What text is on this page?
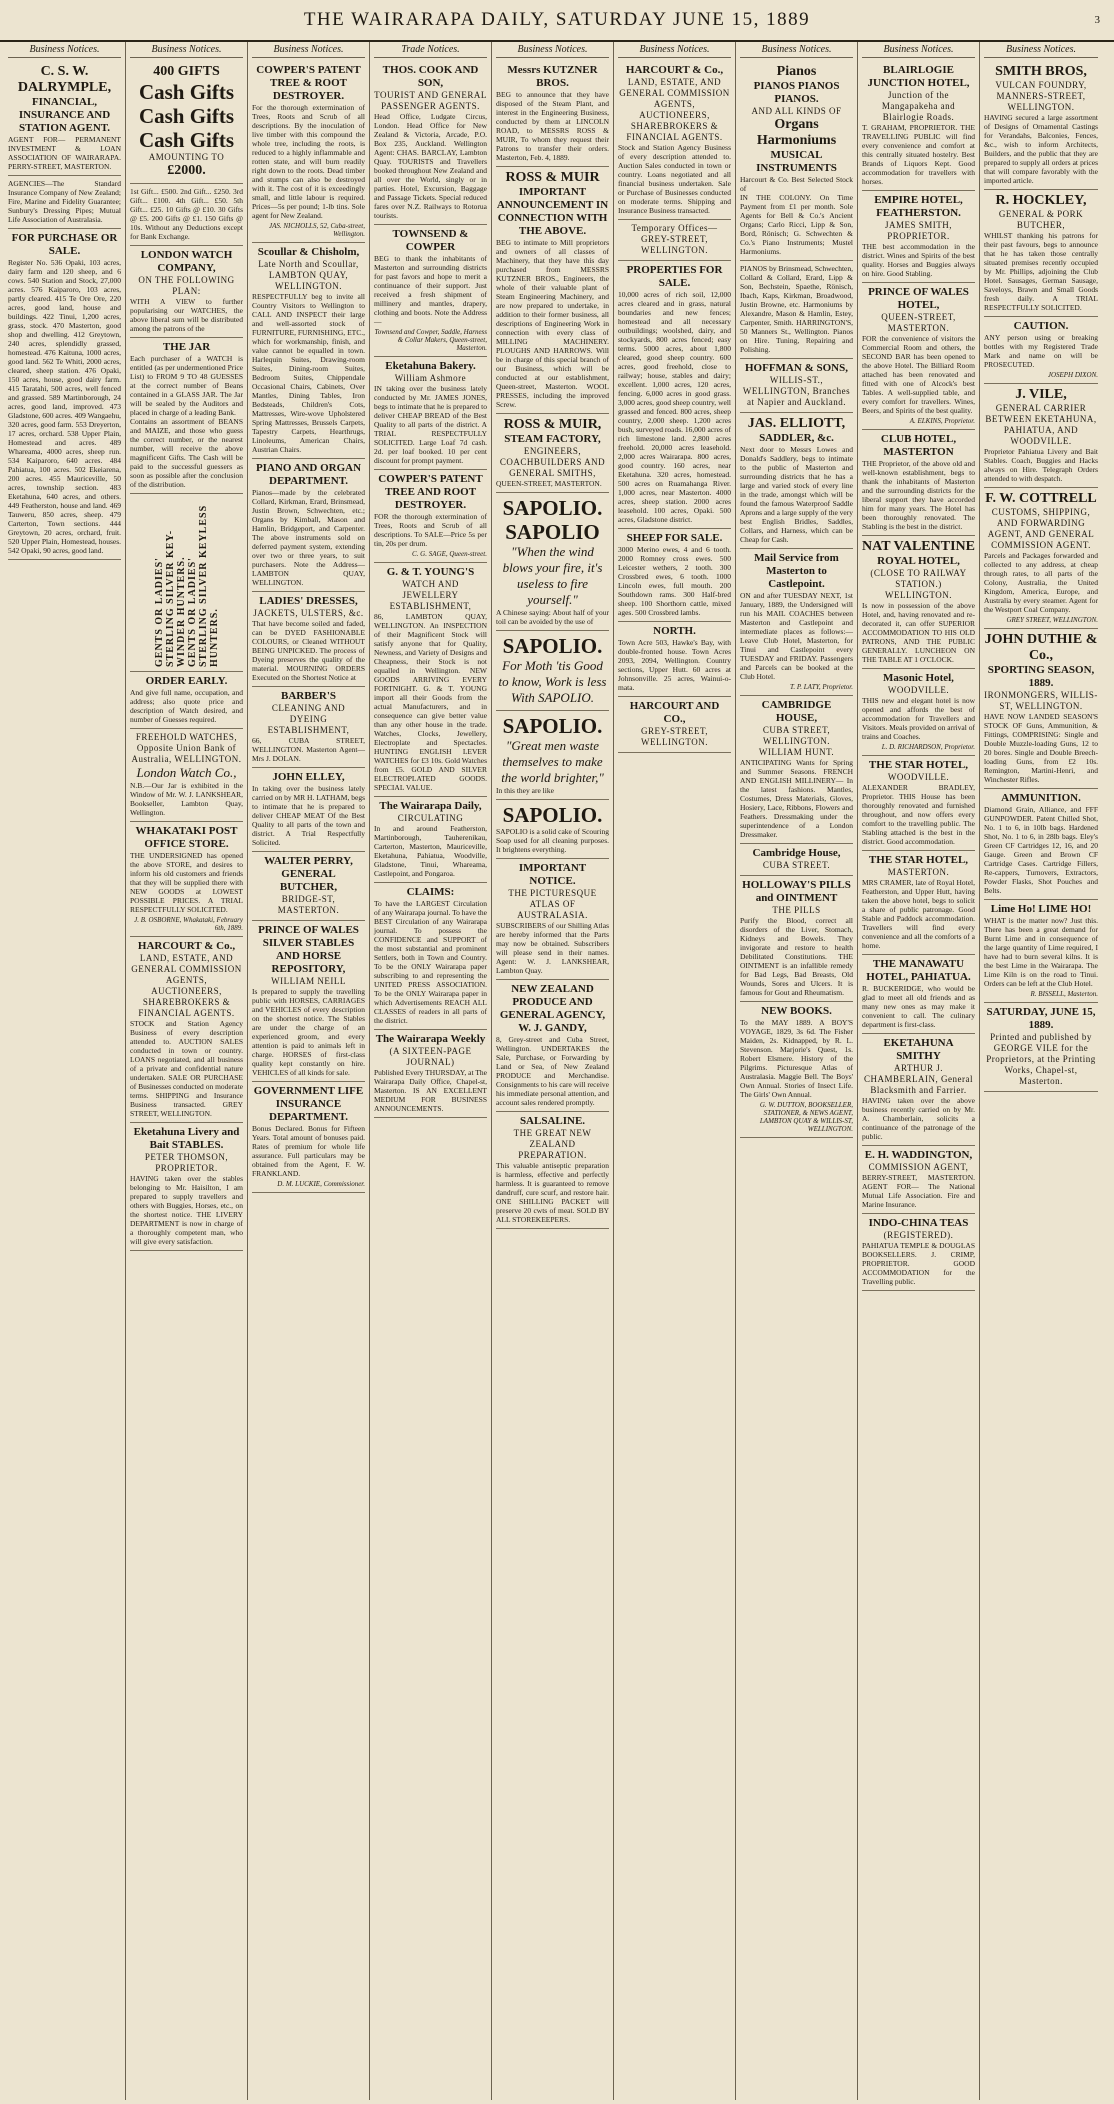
THE WAIRARAPA DAILY, SATURDAY JUNE 15, 1889	3
Business Notices.
C. S. W. DALRYMPLE,
FINANCIAL, INSURANCE AND STATION AGENT.
AGENT FOR— PERMANENT INVESTMENT & LOAN ASSOCIATION OF WAIRARAPA. PERRY-STREET, MASTERTON.
AGENCIES—The Standard Insurance Company of New Zealand; Fire, Marine and Fidelity Guarantee; Sunbury's Dressing Pipes; Mutual Life Association of Australasia.
FOR PURCHASE OR SALE.
Register No. 536 Opaki, 103 acres, dairy farm and 120 sheep, and 6 cows. 540 Station and Stock, 27,000 acres. 576 Kaiparoro, 103 acres, partly cleared. 415 Te Ore Ore, 220 acres, good land, house and buildings. 422 Tinui, 1,200 acres, grass, stock. 470 Masterton, good shop and dwelling. 412 Greytown, 240 acres, splendidly grassed, homestead. 476 Kaituna, 1000 acres, good land. 562 Te Whiti, 2000 acres, cleared, sheep station. 476 Opaki, 150 acres, house, good dairy farm. 415 Taratahi, 500 acres, well fenced and grassed. 589 Martinborough, 24 acres, good land, improved. 473 Gladstone, 600 acres. 409 Wangaehu, 320 acres, good farm. 553 Dreyerton, 17 acres, orchard. 538 Upper Plain, Homestead and acres. 489 Whareama, 4000 acres, sheep run. 534 Kaiparoro, 640 acres. 484 Pahiatua, 100 acres. 502 Ekeiarena, 200 acres. 455 Mauriceville, 50 acres, township section. 483 Eketahuna, 640 acres, and others. 449 Featherston, house and land. 469 Tauweru, 850 acres, sheep. 479 Carterton, Town sections. 444 Greytown, 20 acres, orchard, fruit. 520 Upper Plain, Homestead, houses. 542 Opaki, 90 acres, good land.
Business Notices.
400 GIFTS
Cash Gifts
Cash Gifts
Cash Gifts
AMOUNTING TO
£2000.
1st Gift... £500. 2nd Gift... £250. 3rd Gift... £100. 4th Gift... £50. 5th Gift... £25. 10 Gifts @ £10. 30 Gifts @ £5. 200 Gifts @ £1. 150 Gifts @ 10s. Without any Deductions except for Bank Exchange.
LONDON WATCH COMPANY,
ON THE FOLLOWING PLAN:
WITH A VIEW to further popularising our WATCHES, the above liberal sum will be distributed among the patrons of the
THE JAR
Each purchaser of a WATCH is entitled (as per undermentioned Price List) to FROM 9 TO 48 GUESSES at the correct number of Beans contained in a GLASS JAR. The Jar will be sealed by the Auditors and placed in charge of a leading Bank.
Contains an assortment of BEANS and MAIZE, and those who guess the correct number, or the nearest number, will receive the above magnificent Gifts. The Cash will be paid to the successful guessers as soon as possible after the conclusion of the distribution.
GENTS OR LADIES' STERLING SILVER KEY-WINDER HUNTERS. GENTS OR LADIES' STERLING SILVER KEYLESS HUNTERS.
ORDER EARLY.
And give full name, occupation, and address; also quote price and description of Watch desired, and number of Guesses required.
FREEHOLD WATCHES, Opposite Union Bank of Australia, WELLINGTON.
London Watch Co.,
N.B.—Our Jar is exhibited in the Window of Mr. W. J. LANKSHEAR, Bookseller, Lambton Quay, Wellington.
WHAKATAKI POST OFFICE STORE.
THE UNDERSIGNED has opened the above STORE, and desires to inform his old customers and friends that they will be supplied there with NEW GOODS at LOWEST POSSIBLE PRICES. A TRIAL RESPECTFULLY SOLICITED.
J. B. OSBORNE, Whakataki, February 6th, 1889.
HARCOURT & Co.,
LAND, ESTATE, AND GENERAL COMMISSION AGENTS, AUCTIONEERS, SHAREBROKERS & FINANCIAL AGENTS.
STOCK and Station Agency Business of every description attended to. AUCTION SALES conducted in town or country. LOANS negotiated, and all business of a private and confidential nature undertaken. SALE OR PURCHASE of Businesses conducted on moderate terms. SHIPPING and Insurance Business transacted. GREY STREET, WELLINGTON.
Eketahuna Livery and Bait STABLES.
PETER THOMSON, PROPRIETOR.
HAVING taken over the stables belonging to Mr. Haisilton, I am prepared to supply travellers and others with Buggies, Horses, etc., on the shortest notice. THE LIVERY DEPARTMENT is now in charge of a thoroughly competent man, who will give every satisfaction.
Business Notices.
COWPER'S PATENT TREE & ROOT DESTROYER.
For the thorough extermination of Trees, Roots and Scrub of all descriptions. By the inoculation of live timber with this compound the whole tree, including the roots, is reduced to a highly inflammable and rotten state, and will burn readily right down to the roots. Dead timber and stumps can also be destroyed with it. The cost of it is exceedingly small, and little labour is required. Prices—5s per pound; 1-lb tins. Sole agent for New Zealand.
JAS. NICHOLLS, 52, Cuba-street, Wellington.
Scoullar & Chisholm,
Late North and Scoullar, LAMBTON QUAY, WELLINGTON.
RESPECTFULLY beg to invite all Country Visitors to Wellington to CALL AND INSPECT their large and well-assorted stock of FURNITURE, FURNISHING, ETC., which for workmanship, finish, and value cannot be equalled in town. Harlequin Suites, Drawing-room Suites, Dining-room Suites, Bedroom Suites, Chippendale Occasional Chairs, Cabinets, Over Mantles, Dining Tables, Iron Bedsteads, Children's Cots, Mattresses, Wire-wove Upholstered Spring Mattresses, Brussels Carpets, Tapestry Carpets, Hearthrugs, Linoleums, American Chairs, Austrian Chairs.
PIANO AND ORGAN DEPARTMENT.
Pianos—made by the celebrated Collard, Kirkman, Erard, Brinsmead, Justin Brown, Schwechten, etc.; Organs by Kimball, Mason and Hamlin, Bridgeport, and Carpenter. The above instruments sold on deferred payment system, extending over two or three years, to suit purchasers. Note the Address— LAMBTON QUAY, WELLINGTON.
LADIES' DRESSES,
JACKETS, ULSTERS, &c.
That have become soiled and faded, can be DYED FASHIONABLE COLOURS, or Cleaned WITHOUT BEING UNPICKED. The process of Dyeing preserves the quality of the material. MOURNING ORDERS Executed on the Shortest Notice at
BARBER'S
CLEANING AND DYEING ESTABLISHMENT,
66, CUBA STREET, WELLINGTON. Masterton Agent—Mrs J. DOLAN.
JOHN ELLEY,
In taking over the business lately carried on by MR H. LATHAM, begs to intimate that he is prepared to deliver CHEAP MEAT Of the Best Quality to all parts of the town and district. A Trial Respectfully Solicited.
WALTER PERRY, GENERAL BUTCHER,
BRIDGE-ST, MASTERTON.
PRINCE OF WALES SILVER STABLES AND HORSE REPOSITORY,
WILLIAM NEILL
Is prepared to supply the travelling public with HORSES, CARRIAGES and VEHICLES of every description on the shortest notice. The Stables are under the charge of an experienced groom, and every attention is paid to animals left in charge. HORSES of first-class quality kept constantly on hire. VEHICLES of all kinds for sale.
GOVERNMENT LIFE INSURANCE DEPARTMENT.
Bonus Declared. Bonus for Fifteen Years. Total amount of bonuses paid. Rates of premium for whole life assurance. Full particulars may be obtained from the Agent, F. W. FRANKLAND.
D. M. LUCKIE, Commissioner.
Trade Notices.
THOS. COOK AND SON,
TOURIST AND GENERAL PASSENGER AGENTS.
Head Office, Ludgate Circus, London. Head Office for New Zealand & Victoria, Arcade, P.O. Box 235, Auckland. Wellington Agent: CHAS. BARCLAY, Lambton Quay. TOURISTS and Travellers booked throughout New Zealand and all over the World, singly or in parties. Hotel, Excursion, Baggage and Passage Tickets. Special reduced fares over N.Z. Railways to Rotorua tourists.
TOWNSEND & COWPER
BEG to thank the inhabitants of Masterton and surrounding districts for past favors and hope to merit a continuance of their support. Just received a fresh shipment of millinery and mantles, drapery, clothing and boots. Note the Address—
Townsend and Cowper, Saddle, Harness & Collar Makers, Queen-street, Masterton.
Eketahuna Bakery.
William Ashmore
IN taking over the business lately conducted by Mr. JAMES JONES, begs to intimate that he is prepared to deliver CHEAP BREAD of the Best Quality to all parts of the district. A TRIAL RESPECTFULLY SOLICITED. Large Loaf 7d cash. 2d. per loaf booked. 10 per cent discount for prompt payment.
COWPER'S PATENT TREE AND ROOT DESTROYER.
FOR the thorough extermination of Trees, Roots and Scrub of all descriptions. To SALE—Price 5s per tin, 20s per drum.
C. G. SAGE, Queen-street.
G. & T. YOUNG'S
WATCH AND JEWELLERY ESTABLISHMENT,
86, LAMBTON QUAY, WELLINGTON. An INSPECTION of their Magnificent Stock will satisfy anyone that for Quality, Newness, and Variety of Designs and Cheapness, their Stock is not equalled in Wellington. NEW GOODS ARRIVING EVERY FORTNIGHT. G. & T. YOUNG import all their Goods from the actual Manufacturers, and in consequence can give better value than any other house in the trade. Watches, Clocks, Jewellery, Electroplate and Spectacles. HUNTING ENGLISH LEVER WATCHES for £3 10s. Gold Watches from £5. GOLD AND SILVER ELECTROPLATED GOODS. SPECIAL VALUE.
The Wairarapa Daily,
CIRCULATING
In and around Featherston, Martinborough, Tauherenikau, Carterton, Masterton, Mauriceville, Eketahuna, Pahiatua, Woodville, Gladstone, Tinui, Whareama, Castlepoint, and Pongaroa.
CLAIMS:
To have the LARGEST Circulation of any Wairarapa journal. To have the BEST Circulation of any Wairarapa journal. To possess the CONFIDENCE and SUPPORT of the most substantial and prominent Settlers, both in Town and Country. To be the ONLY Wairarapa paper subscribing to and representing the UNITED PRESS ASSOCIATION. To be the ONLY Wairarapa paper in which Advertisements REACH ALL CLASSES of readers in all parts of the district.
The Wairarapa Weekly
(A SIXTEEN-PAGE JOURNAL)
Published Every THURSDAY, at The Wairarapa Daily Office, Chapel-st, Masterton. IS AN EXCELLENT MEDIUM FOR BUSINESS ANNOUNCEMENTS.
Business Notices.
Messrs KUTZNER BROS.
BEG to announce that they have disposed of the Steam Plant, and interest in the Engineering Business, conducted by them at LINCOLN ROAD, to MESSRS ROSS & MUIR, To whom they request their Patrons to transfer their orders. Masterton, Feb. 4, 1889.
ROSS & MUIR
IMPORTANT ANNOUNCEMENT IN CONNECTION WITH THE ABOVE.
BEG to intimate to Mill proprietors and owners of all classes of Machinery, that they have this day purchased from MESSRS KUTZNER BROS., Engineers, the whole of their valuable plant of Steam Engineering Machinery, and are now prepared to undertake, in addition to their former business, all descriptions of Engineering Work in connection with every class of MILLING MACHINERY. PLOUGHS AND HARROWS. Will be in charge of this special branch of our Business, which will be conducted at our establishment, Queen-street, Masterton. WOOL PRESSES, including the improved Screw.
ROSS & MUIR,
STEAM FACTORY,
ENGINEERS, COACHBUILDERS AND GENERAL SMITHS,
QUEEN-STREET, MASTERTON.
SAPOLIO.
SAPOLIO
"When the wind blows your fire, it's useless to fire yourself."
A Chinese saying: About half of your toil can be avoided by the use of
SAPOLIO.
For Moth 'tis Good to know, Work is less With SAPOLIO.
SAPOLIO.
"Great men waste themselves to make the world brighter,"
In this they are like
SAPOLIO.
SAPOLIO is a solid cake of Scouring Soap used for all cleaning purposes. It brightens everything.
IMPORTANT NOTICE.
THE PICTURESQUE ATLAS OF AUSTRALASIA.
SUBSCRIBERS of our Shilling Atlas are hereby informed that the Parts may now be obtained. Subscribers will please send in their names. Agent: W. J. LANKSHEAR, Lambton Quay.
NEW ZEALAND PRODUCE AND GENERAL AGENCY, W. J. GANDY,
8, Grey-street and Cuba Street, Wellington. UNDERTAKES the Sale, Purchase, or Forwarding by Land or Sea, of New Zealand PRODUCE and Merchandise. Consignments to his care will receive his immediate personal attention, and account sales rendered promptly.
SALSALINE.
THE GREAT NEW ZEALAND PREPARATION.
This valuable antiseptic preparation is harmless, effective and perfectly harmless. It is guaranteed to remove dandruff, cure scurf, and restore hair. ONE SHILLING PACKET will preserve 20 cwts of meat. SOLD BY ALL STOREKEEPERS.
Business Notices.
HARCOURT & Co.,
LAND, ESTATE, AND GENERAL COMMISSION AGENTS, AUCTIONEERS, SHAREBROKERS & FINANCIAL AGENTS.
Stock and Station Agency Business of every description attended to. Auction Sales conducted in town or country. Loans negotiated and all financial business undertaken. Sale or Purchase of Businesses conducted on moderate terms. Shipping and Insurance Business transacted.
Temporary Offices— GREY-STREET, WELLINGTON.
PROPERTIES FOR SALE.
10,000 acres of rich soil, 12,000 acres cleared and in grass, natural boundaries and new fences; homestead and all necessary outbuildings; woolshed, dairy, and stockyards, 800 acres fenced; easy terms. 5000 acres, about 1,800 cleared, good sheep country. 600 acres, good freehold, close to railway; house, stables and dairy; excellent. 1,000 acres, 120 acres, fencing. 6,000 acres in good grass. 3,000 acres, good sheep country, well grassed and fenced. 800 acres, sheep country, 2,000 sheep. 1,200 acres bush, surveyed roads. 16,000 acres of rich limestone land. 2,800 acres freehold. 20,000 acres leasehold. 2,000 acres Wairarapa. 800 acres, good country. 160 acres, near Eketahuna. 320 acres, homestead. 500 acres on Ruamahanga River. 1,000 acres, near Masterton. 4000 acres, sheep station. 2000 acres leasehold. 100 acres, Opaki. 500 acres, Gladstone district.
SHEEP FOR SALE.
3000 Merino ewes, 4 and 6 tooth. 2000 Romney cross ewes. 500 Leicester wethers, 2 tooth. 300 Crossbred ewes, 6 tooth. 1000 Lincoln ewes, full mouth. 200 Southdown rams. 300 Half-bred sheep. 100 Shorthorn cattle, mixed ages. 500 Crossbred lambs.
NORTH.
Town Acre 503, Hawke's Bay, with double-fronted house. Town Acres 2093, 2094, Wellington. Country sections, Upper Hutt. 60 acres at Johnsonville. 25 acres, Wainui-o-mata.
HARCOURT AND CO.,
GREY-STREET, WELLINGTON.
Business Notices.
Pianos
PIANOS PIANOS PIANOS.
AND ALL KINDS OF
Organs Harmoniums
MUSICAL INSTRUMENTS
Harcourt & Co. Best Selected Stock of
IN THE COLONY. On Time Payment from £1 per month. Sole Agents for Bell & Co.'s Ancient Organs; Carlo Ricci, Lipp & Son, Bord, Rönisch; G. Schwechten & Co.'s Piano Instruments; Mustel Harmoniums.
PIANOS by Brinsmead, Schwechten, Collard & Collard, Erard, Lipp & Son, Bechstein, Spaethe, Rönisch, Ibach, Kaps, Kirkman, Broadwood, Justin Browne, etc. Harmoniums by Alexandre, Mason & Hamlin, Estey, Carpenter, Smith. HARRINGTON'S, 50 Manners St., Wellington. Pianos on Hire. Tuning, Repairing and Polishing.
HOFFMAN & SONS,
WILLIS-ST., WELLINGTON, Branches at Napier and Auckland.
JAS. ELLIOTT,
SADDLER, &c.
Next door to Messrs Lowes and Donald's Saddlery, begs to intimate to the public of Masterton and surrounding districts that he has a large and varied stock of every line in the trade, amongst which will be found the famous Waterproof Saddle Aprons and a large supply of the very best English Bridles, Saddles, Collars, and Harness, which can be Cheap for Cash.
Mail Service from Masterton to Castlepoint.
ON and after TUESDAY NEXT, 1st January, 1889, the Undersigned will run his MAIL COACHES between Masterton and Castlepoint and intermediate places as follows:— Leave Club Hotel, Masterton, for Tinui and Castlepoint every TUESDAY and FRIDAY. Passengers and Parcels can be booked at the Club Hotel.
T. P. LATY, Proprietor.
CAMBRIDGE HOUSE,
CUBA STREET, WELLINGTON. WILLIAM HUNT.
ANTICIPATING Wants for Spring and Summer Seasons. FRENCH AND ENGLISH MILLINERY— In the latest fashions. Mantles, Costumes, Dress Materials, Gloves, Hosiery, Lace, Ribbons, Flowers and Feathers. Dressmaking under the superintendence of a London Dressmaker.
Cambridge House,
CUBA STREET.
HOLLOWAY'S PILLS and OINTMENT
THE PILLS
Purify the Blood, correct all disorders of the Liver, Stomach, Kidneys and Bowels. They invigorate and restore to health Debilitated Constitutions. THE OINTMENT is an infallible remedy for Bad Legs, Bad Breasts, Old Wounds, Sores and Ulcers. It is famous for Gout and Rheumatism.
NEW BOOKS.
To the MAY 1889. A BOY'S VOYAGE, 1829, 3s 6d. The Fisher Maiden, 2s. Kidnapped, by R. L. Stevenson. Marjorie's Quest, 1s. Robert Elsmere. History of the Pilgrims. Picturesque Atlas of Australasia. Maggie Bell. The Boys' Own Annual. Stories of Insect Life. The Girls' Own Annual.
G. W. DUTTON, BOOKSELLER, STATIONER, & NEWS AGENT, LAMBTON QUAY & WILLIS-ST, WELLINGTON.
Business Notices.
BLAIRLOGIE JUNCTION HOTEL,
Junction of the Mangapakeha and Blairlogie Roads.
T. GRAHAM, PROPRIETOR. THE TRAVELLING PUBLIC will find every convenience and comfort at this centrally situated hostelry. Best Brands of Liquors Kept. Good accommodation for travellers with horses.
EMPIRE HOTEL, FEATHERSTON.
JAMES SMITH, PROPRIETOR.
THE best accommodation in the district. Wines and Spirits of the best quality. Horses and Buggies always on hire. Good Stabling.
PRINCE OF WALES HOTEL,
QUEEN-STREET, MASTERTON.
FOR the convenience of visitors the Commercial Room and others, the SECOND BAR has been opened to the above Hotel. The Billiard Room attached has been renovated and fitted with one of Alcock's best Tables. A well-supplied table, and every comfort for travellers. Wines, Beers, and Spirits of the best quality.
A. ELKINS, Proprietor.
CLUB HOTEL, MASTERTON
THE Proprietor, of the above old and well-known establishment, begs to thank the inhabitants of Masterton and the surrounding districts for the liberal support they have accorded him for many years. The Hotel has been thoroughly renovated. The Stabling is the best in the district.
NAT VALENTINE
ROYAL HOTEL,
(CLOSE TO RAILWAY STATION.) WELLINGTON.
Is now in possession of the above Hotel, and, having renovated and re-decorated it, can offer SUPERIOR ACCOMMODATION TO HIS OLD PATRONS, AND THE PUBLIC GENERALLY. LUNCHEON ON THE TABLE AT 1 O'CLOCK.
Masonic Hotel,
WOODVILLE.
THIS new and elegant hotel is now opened and affords the best of accommodation for Travellers and Visitors. Meals provided on arrival of trains and Coaches.
L. D. RICHARDSON, Proprietor.
THE STAR HOTEL,
WOODVILLE.
ALEXANDER BRADLEY, Proprietor. THIS House has been thoroughly renovated and furnished throughout, and now offers every comfort to the travelling public. The Stabling attached is the best in the district. Good accommodation.
THE STAR HOTEL,
MASTERTON.
MRS CRAMER, late of Royal Hotel, Featherston, and Upper Hutt, having taken the above hotel, begs to solicit a share of public patronage. Good Stable and Paddock accommodation. Travellers will find every convenience and all the comforts of a home.
THE MANAWATU HOTEL, PAHIATUA.
R. BUCKERIDGE, who would be glad to meet all old friends and as many new ones as may make it convenient to call. The culinary department is first-class.
EKETAHUNA SMITHY
ARTHUR J. CHAMBERLAIN, General Blacksmith and Farrier.
HAVING taken over the above business recently carried on by Mr. A. Chamberlain, solicits a continuance of the patronage of the public.
E. H. WADDINGTON,
COMMISSION AGENT,
BERRY-STREET, MASTERTON. AGENT FOR— The National Mutual Life Association. Fire and Marine Insurance.
INDO-CHINA TEAS
(REGISTERED).
PAHIATUA TEMPLE & DOUGLAS BOOKSELLERS. J. CRIMP, PROPRIETOR. GOOD ACCOMMODATION for the Travelling public.
Business Notices.
SMITH BROS,
VULCAN FOUNDRY, MANNERS-STREET, WELLINGTON.
HAVING secured a large assortment of Designs of Ornamental Castings for Verandahs, Balconies, Fences, &c., wish to inform Architects, Builders, and the public that they are prepared to supply all orders at prices that will compare favorably with the imported article.
R. HOCKLEY,
GENERAL & PORK BUTCHER,
WHILST thanking his patrons for their past favours, begs to announce that he has taken those centrally situated premises recently occupied by Mr. Phillips, adjoining the Club Hotel. Sausages, German Sausage, Saveloys, Brawn and Small Goods fresh daily. A TRIAL RESPECTFULLY SOLICITED.
CAUTION.
ANY person using or breaking bottles with my Registered Trade Mark and name on will be PROSECUTED.
JOSEPH DIXON.
J. VILE,
GENERAL CARRIER BETWEEN EKETAHUNA, PAHIATUA, AND WOODVILLE.
Proprietor Pahiatua Livery and Bait Stables. Coach, Buggies and Hacks always on Hire. Telegraph Orders attended to with despatch.
F. W. COTTRELL
CUSTOMS, SHIPPING, AND FORWARDING AGENT, AND GENERAL COMMISSION AGENT.
Parcels and Packages forwarded and collected to any address, at cheap through rates, to all parts of the Colony, Australia, the United Kingdom, America, Europe, and Australia by every steamer. Agent for the Westport Coal Company.
GREY STREET, WELLINGTON.
JOHN DUTHIE & Co.,
SPORTING SEASON, 1889.
IRONMONGERS, WILLIS-ST, WELLINGTON.
HAVE NOW LANDED SEASON'S STOCK OF Guns, Ammunition, & Fittings, COMPRISING: Single and Double Muzzle-loading Guns, 12 to 20 bores. Single and Double Breech-loading Guns, from £2 10s. Remington, Martini-Henri, and Winchester Rifles.
AMMUNITION.
Diamond Grain, Alliance, and FFF GUNPOWDER. Patent Chilled Shot, No. 1 to 6, in 10lb bags. Hardened Shot, No. 1 to 6, in 28lb bags. Eley's Green CF Cartridges 12, 16, and 20 Gauge. Green and Brown CF Cartridge Cases. Cartridge Fillers, Re-cappers, Turnovers, Extractors, Powder Flasks, Shot Pouches and Belts.
Lime Ho! LIME HO!
WHAT is the matter now? Just this. There has been a great demand for Burnt Lime and in consequence of the large quantity of Lime required, I have had to burn several kilns. It is the best Lime in the Wairarapa. The Lime Kiln is on the road to Tinui. Orders can be left at the Club Hotel.
R. BISSELL, Masterton.
SATURDAY, JUNE 15, 1889.
Printed and published by GEORGE VILE for the Proprietors, at the Printing Works, Chapel-st, Masterton.
